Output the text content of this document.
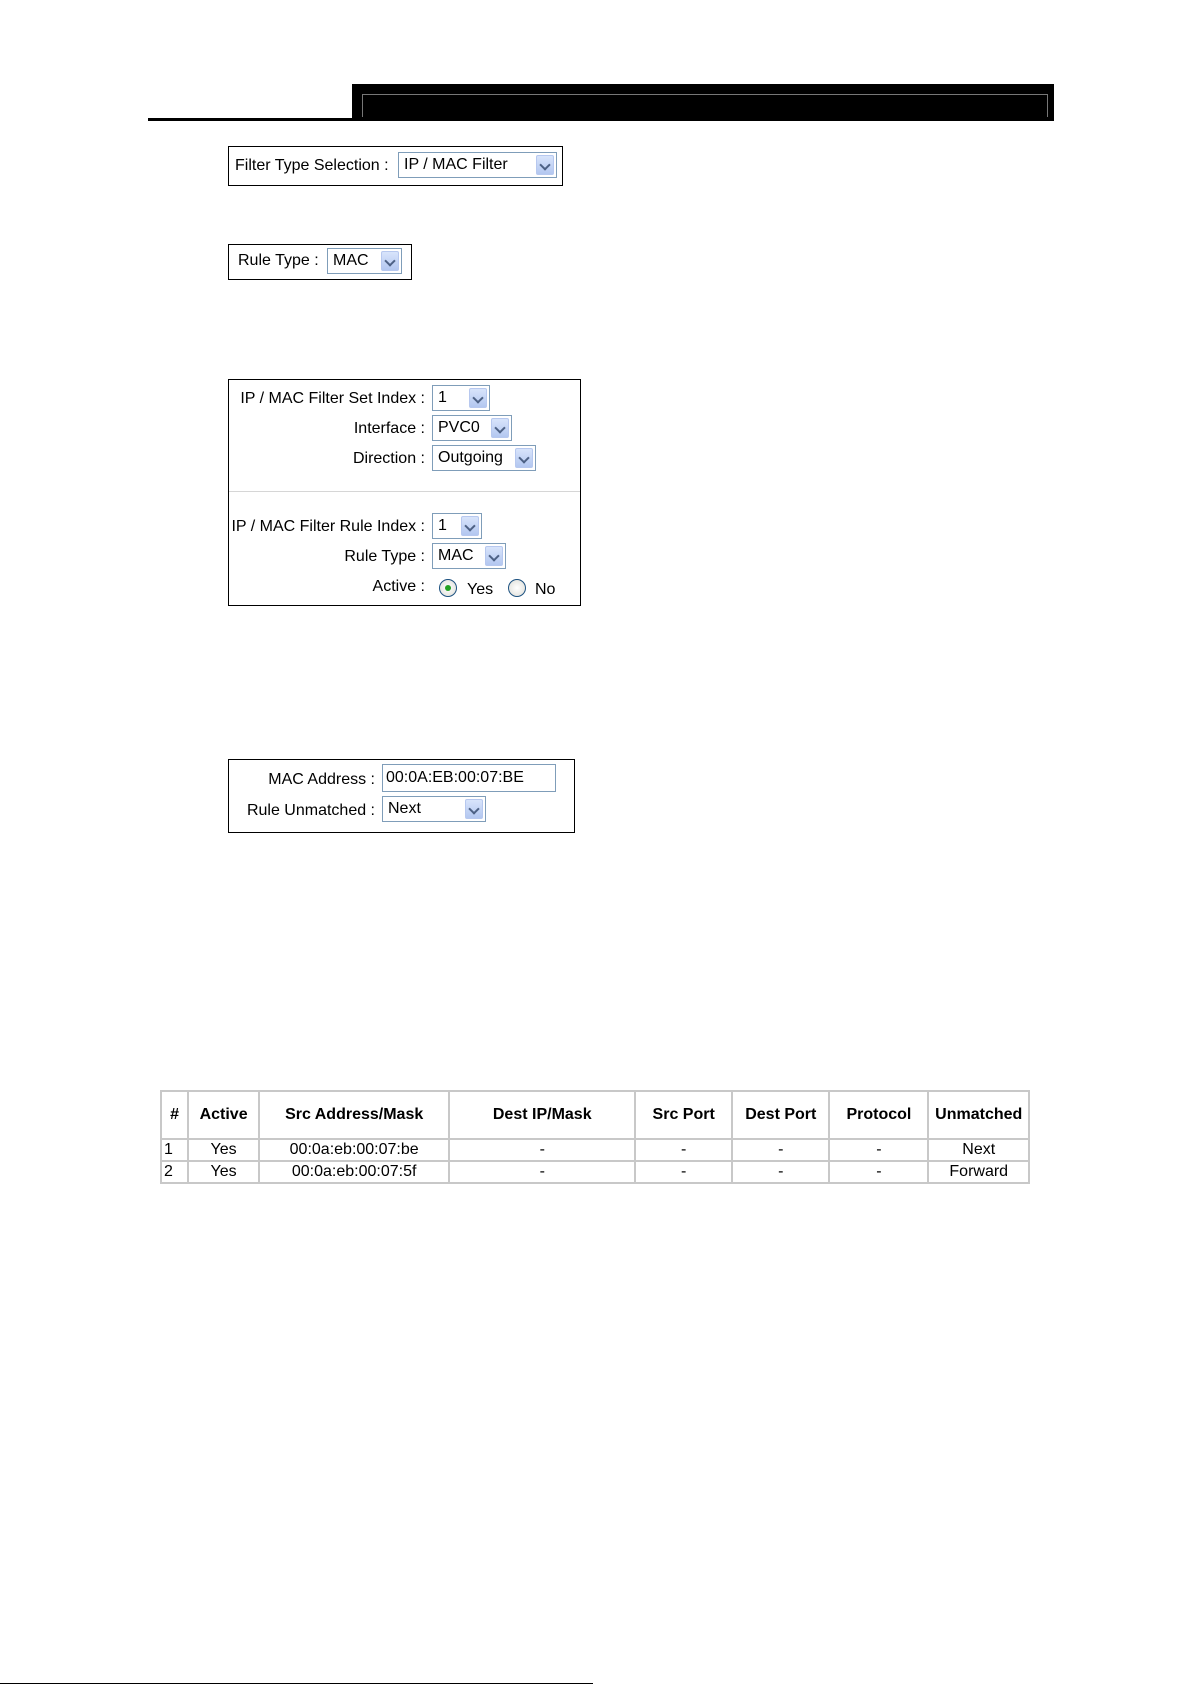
Filter Type Selection : IP / MAC Filter
Rule Type : MAC
IP / MAC Filter Set Index : 1
Interface : PVC0
Direction : Outgoing
IP / MAC Filter Rule Index : 1
Rule Type : MAC
Active :	Yes	No
MAC Address :
00:0A:EB:00:07:BE
Rule Unmatched : Next
#	Active	Src Address/Mask	Dest IP/Mask	Src Port	Dest Port	Protocol	Unmatched
1	Yes	00:0a:eb:00:07:be	-	-	-	-	Next
2	Yes	00:0a:eb:00:07:5f	-	-	-	-	Forward
